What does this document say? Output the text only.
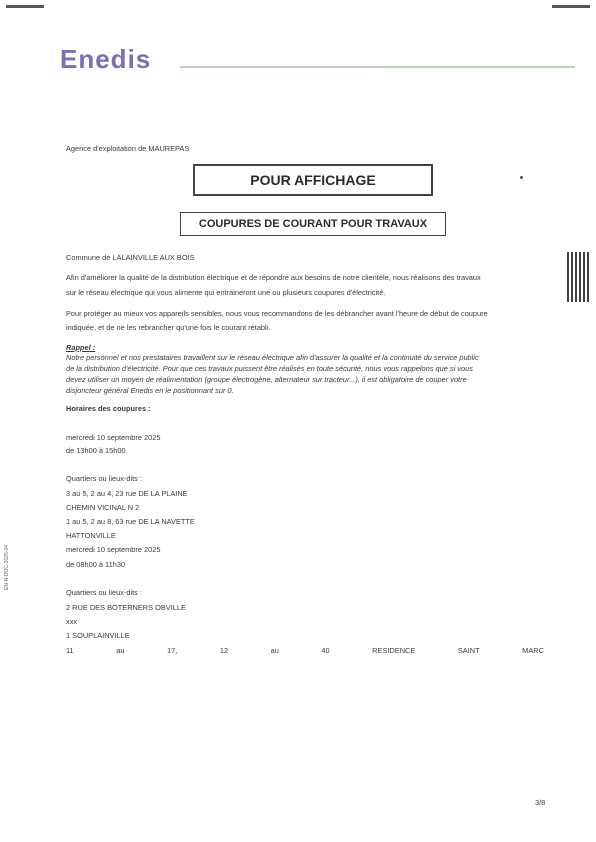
Enedis
Agence d'exploitation de MAUREPAS
POUR AFFICHAGE
COUPURES DE COURANT POUR TRAVAUX
Commune de LALAINVILLE AUX BOIS
Afin d'améliorer la qualité de la distribution électrique et de répondre aux besoins de notre clientèle, nous réalisons des travaux
sur le réseau électrique qui vous alimente qui entraineront une ou plusieurs coupures d'électricité.
Pour protéger au mieux vos appareils sensibles, nous vous recommandons de les débrancher avant l'heure de début de coupure
indiquée, et de ne les rebrancher qu'une fois le courant rétabli.
Rappel :
Notre personnel et nos prestataires travaillent sur le réseau électrique afin d'assurer la qualité et la continuité du service public
de la distribution d'électricité. Pour que ces travaux puissent être réalisés en toute sécurité, nous vous rappelons que si vous
devez utiliser un moyen de réalimentation (groupe électrogène, alternateur sur tracteur...), il est obligatoire de couper votre
disjoncteur général Enedis en le positionnant sur 0.
Horaires des coupures :
mercredi 10 septembre 2025
de 13h00 à 15h00
Quartiers ou lieux-dits :
3 au 5, 2 au 4, 23 rue DE LA PLAINE
CHEMIN VICINAL N 2
1 au 5, 2 au 8, 63 rue DE LA NAVETTE
HATTONVILLE
mercredi 10 septembre 2025
de 08h00 à 11h30
Quartiers ou lieux-dits :
2 RUE DES BOTERNERS OBVILLE
xxx
1 SOUPLAINVILLE
11	au	17,	12	au	40	RESIDENCE	SAINT	MARC
3/8
EN-N-DOC-2025-04
